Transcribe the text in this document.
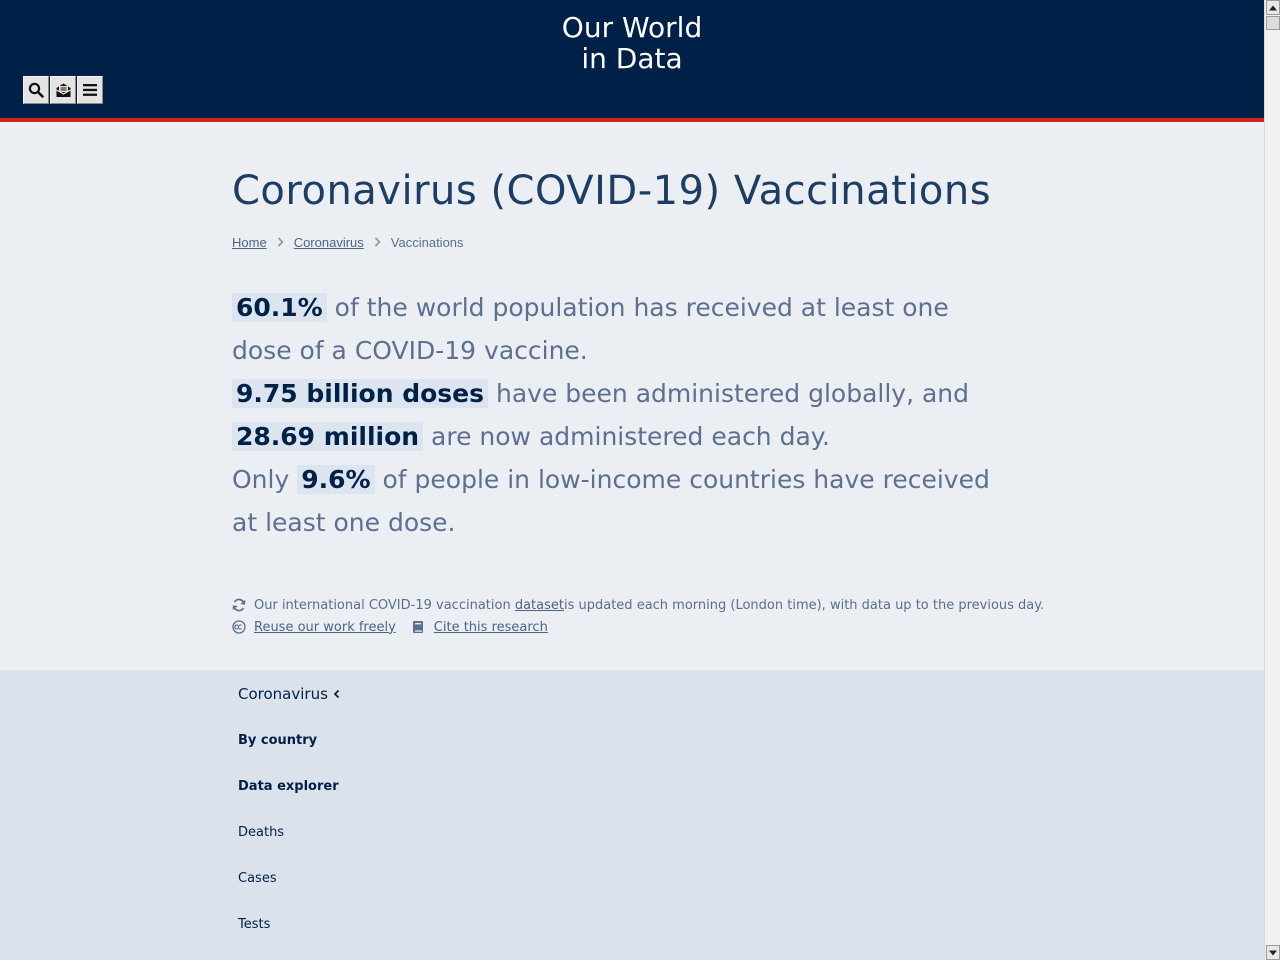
Our World
in Data
Coronavirus (COVID-19) Vaccinations
Home Coronavirus Vaccinations

60.1% of the world population has received at least one dose of a COVID-19 vaccine.

9.75 billion doses have been administered globally, and 28.69 million are now administered each day.

Only 9.6% of people in low-income countries have received at least one dose.

Our international COVID-19 vaccination
dataset is updated each morning (London time), with data up to the previous day.
Reuse our work freely	Cite this research
Coronavirus
By country
Data explorer
Deaths
Cases
Tests
